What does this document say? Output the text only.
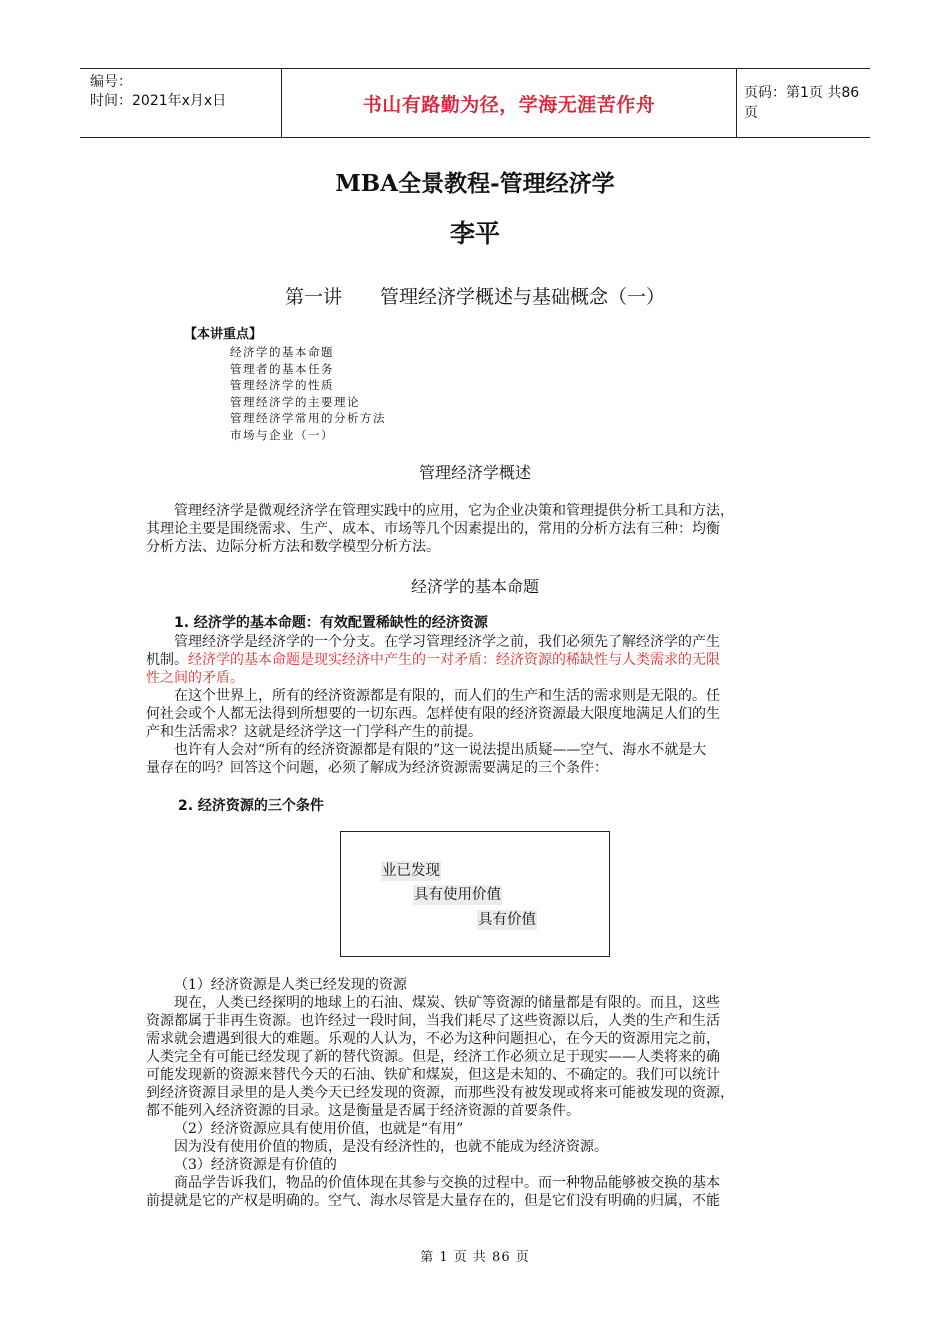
编号：
时间：2021年x月x日	书山有路勤为径，学海无涯苦作舟
页码：第1页 共86页
MBA全景教程-管理经济学
李平
第一讲　　管理经济学概述与基础概念（一）
【本讲重点】
经济学的基本命题
管理者的基本任务
管理经济学的性质
管理经济学的主要理论
管理经济学常用的分析方法
市场与企业（一）
管理经济学概述
管理经济学是微观经济学在管理实践中的应用，它为企业决策和管理提供分析工具和方法，
其理论主要是围绕需求、生产、成本、市场等几个因素提出的，常用的分析方法有三种：均衡
分析方法、边际分析方法和数学模型分析方法。
经济学的基本命题
1. 经济学的基本命题：有效配置稀缺性的经济资源
管理经济学是经济学的一个分支。在学习管理经济学之前，我们必须先了解经济学的产生
机制。经济学的基本命题是现实经济中产生的一对矛盾：经济资源的稀缺性与人类需求的无限
性之间的矛盾。
在这个世界上，所有的经济资源都是有限的，而人们的生产和生活的需求则是无限的。任
何社会或个人都无法得到所想要的一切东西。怎样使有限的经济资源最大限度地满足人们的生
产和生活需求？这就是经济学这一门学科产生的前提。
也许有人会对“所有的经济资源都是有限的”这一说法提出质疑——空气、海水不就是大
量存在的吗？回答这个问题，必须了解成为经济资源需要满足的三个条件：
2. 经济资源的三个条件
业已发现
具有使用价值
具有价值
（1）经济资源是人类已经发现的资源
现在，人类已经探明的地球上的石油、煤炭、铁矿等资源的储量都是有限的。而且，这些
资源都属于非再生资源。也许经过一段时间，当我们耗尽了这些资源以后，人类的生产和生活
需求就会遭遇到很大的难题。乐观的人认为，不必为这种问题担心，在今天的资源用完之前，
人类完全有可能已经发现了新的替代资源。但是，经济工作必须立足于现实——人类将来的确
可能发现新的资源来替代今天的石油、铁矿和煤炭，但这是未知的、不确定的。我们可以统计
到经济资源目录里的是人类今天已经发现的资源，而那些没有被发现或将来可能被发现的资源，
都不能列入经济资源的目录。这是衡量是否属于经济资源的首要条件。
（2）经济资源应具有使用价值，也就是“有用”
因为没有使用价值的物质，是没有经济性的，也就不能成为经济资源。
（3）经济资源是有价值的
商品学告诉我们，物品的价值体现在其参与交换的过程中。而一种物品能够被交换的基本
前提就是它的产权是明确的。空气、海水尽管是大量存在的，但是它们没有明确的归属，不能
第 1 页 共 86 页
